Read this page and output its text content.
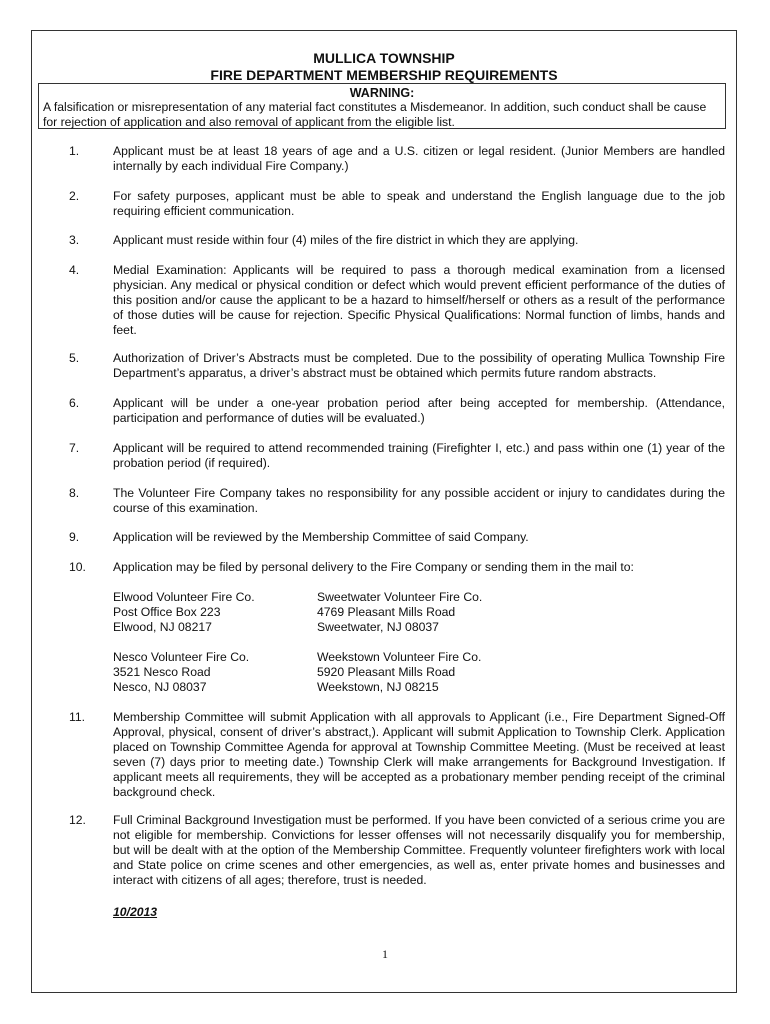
MULLICA TOWNSHIP
FIRE DEPARTMENT MEMBERSHIP REQUIREMENTS
WARNING:
A falsification or misrepresentation of any material fact constitutes a Misdemeanor. In addition, such conduct shall be cause for rejection of application and also removal of applicant from the eligible list.
1.	Applicant must be at least 18 years of age and a U.S. citizen or legal resident. (Junior Members are handled internally by each individual Fire Company.)
2.	For safety purposes, applicant must be able to speak and understand the English language due to the job requiring efficient communication.
3.	Applicant must reside within four (4) miles of the fire district in which they are applying.
4.	Medial Examination: Applicants will be required to pass a thorough medical examination from a licensed physician. Any medical or physical condition or defect which would prevent efficient performance of the duties of this position and/or cause the applicant to be a hazard to himself/herself or others as a result of the performance of those duties will be cause for rejection. Specific Physical Qualifications: Normal function of limbs, hands and feet.
5.	Authorization of Driver’s Abstracts must be completed. Due to the possibility of operating Mullica Township Fire Department’s apparatus, a driver’s abstract must be obtained which permits future random abstracts.
6.	Applicant will be under a one-year probation period after being accepted for membership. (Attendance, participation and performance of duties will be evaluated.)
7.	Applicant will be required to attend recommended training (Firefighter I, etc.) and pass within one (1) year of the probation period (if required).
8.	The Volunteer Fire Company takes no responsibility for any possible accident or injury to candidates during the course of this examination.
9.	Application will be reviewed by the Membership Committee of said Company.
10. Application may be filed by personal delivery to the Fire Company or sending them in the mail to:
Elwood Volunteer Fire Co.
Post Office Box 223
Elwood, NJ 08217
Sweetwater Volunteer Fire Co.
4769 Pleasant Mills Road
Sweetwater, NJ 08037
Nesco Volunteer Fire Co.
3521 Nesco Road
Nesco, NJ 08037
Weekstown Volunteer Fire Co.
5920 Pleasant Mills Road
Weekstown, NJ 08215
11. Membership Committee will submit Application with all approvals to Applicant (i.e., Fire Department Signed-Off Approval, physical, consent of driver’s abstract,). Applicant will submit Application to Township Clerk. Application placed on Township Committee Agenda for approval at Township Committee Meeting. (Must be received at least seven (7) days prior to meeting date.) Township Clerk will make arrangements for Background Investigation. If applicant meets all requirements, they will be accepted as a probationary member pending receipt of the criminal background check.
12. Full Criminal Background Investigation must be performed. If you have been convicted of a serious crime you are not eligible for membership. Convictions for lesser offenses will not necessarily disqualify you for membership, but will be dealt with at the option of the Membership Committee. Frequently volunteer firefighters work with local and State police on crime scenes and other emergencies, as well as, enter private homes and businesses and interact with citizens of all ages; therefore, trust is needed.
10/2013
1
